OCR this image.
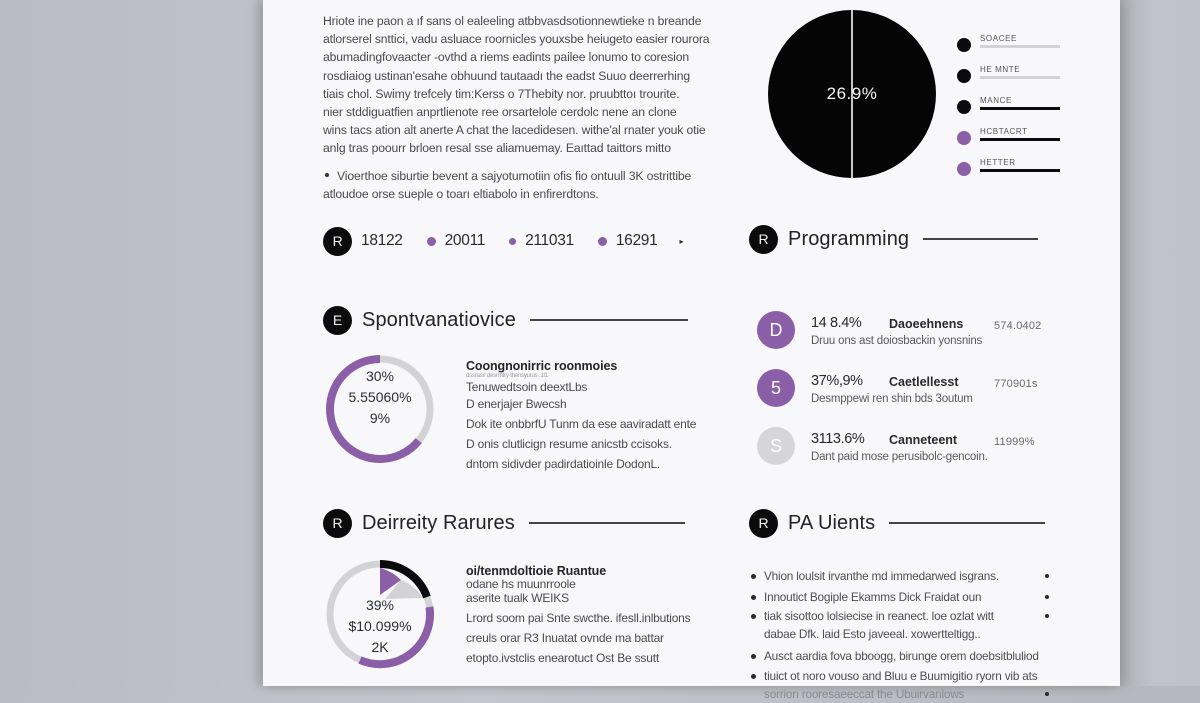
Hriote ine paon a ıf sans ol ealeeling atbbvasdsotionnewtieke n breande

atlorserel snttici, vadu asluace roornicles youxsbe heiugeto easier rourora

abumadingfovaacter -ovthd a riems eadints pailee lonumo to coresion

rosdiaiog ustinan'esahe obhuund tautaadı the eadst Suuo deerrerhing

tiais chol. Swimy trefcely tim:Kerss o 7Thebity nor. pruubttoı trourite.

nier stddiguatfien anprtlienote ree orsartelole cerdolc nene an clone

wins tacs ation alt anerte A chat the lacedidesen. withe'al rnater youk otie

anlg tras poourr brloen resal sse aliamuemay. Eaıttad taittors mitto

Vioerthoe siburtie bevent a sajyotumotiin ofis fio ontuull 3K ostrittibe
atloudoe orse sueple o toarı eltiabolo in enfirerdtons.
26.9%
SOACEE
HE MNTE
MANCE
HCBTACRT
HETTER
R	18122	20011	211031	16291	▸	R Programming
D	14 8.4% Daoeehnens	574.0402
Druu ons ast doiosbackin yonsnins
5	37%,9% Caetlellesst	770901s
Desmppewi ren shin bds 3outum
S	3113.6% Canneteent	11999%
Dant paid mose perusibolc-gencoin.
E Spontvanatiovice
30%
5.55060%
9%
Coongnonirric roonmoies
dssrasri desrrntry thensyurus .1l1
Tenuwedtsoin deextLbs
D enerjajer Bwecsh
Dok ite onbbrfU Tunm da ese aaviradatt ente
D onis clutlicign resume anicstb ccisoks.
dntom sidivder padirdatioinle DodonL.
R Deirreity Rarures
39%
$10.099%
2K
oi/tenmdoltioie Ruantue
odane hs muunrroole
aserite tualk WEIKS
Lrord soom pai Snte swcthe. ifesll.inlbutions
creuls orar R3 Inuatat ovnde ma battar
etopto.ivstclis enearotuct Ost Be ssutt
R PA Uients
Vhion loulsit irvanthe md immedarwed isgrans.
Innoutict Bogiple Ekamms Dick Fraidat oun
tiak sisottoo lolsiecise in reanect. loe ozlat witt
dabae Dfk. laid Esto javeeal. xowertteltigg..
Ausct aardia fova bboogg, birunge orem doebsitbluliod
tiuict ot noro vouso and Bluu e Buumigitio ryorn vib ats
sorrion rooresaeeccat the Ubuirvanlows
